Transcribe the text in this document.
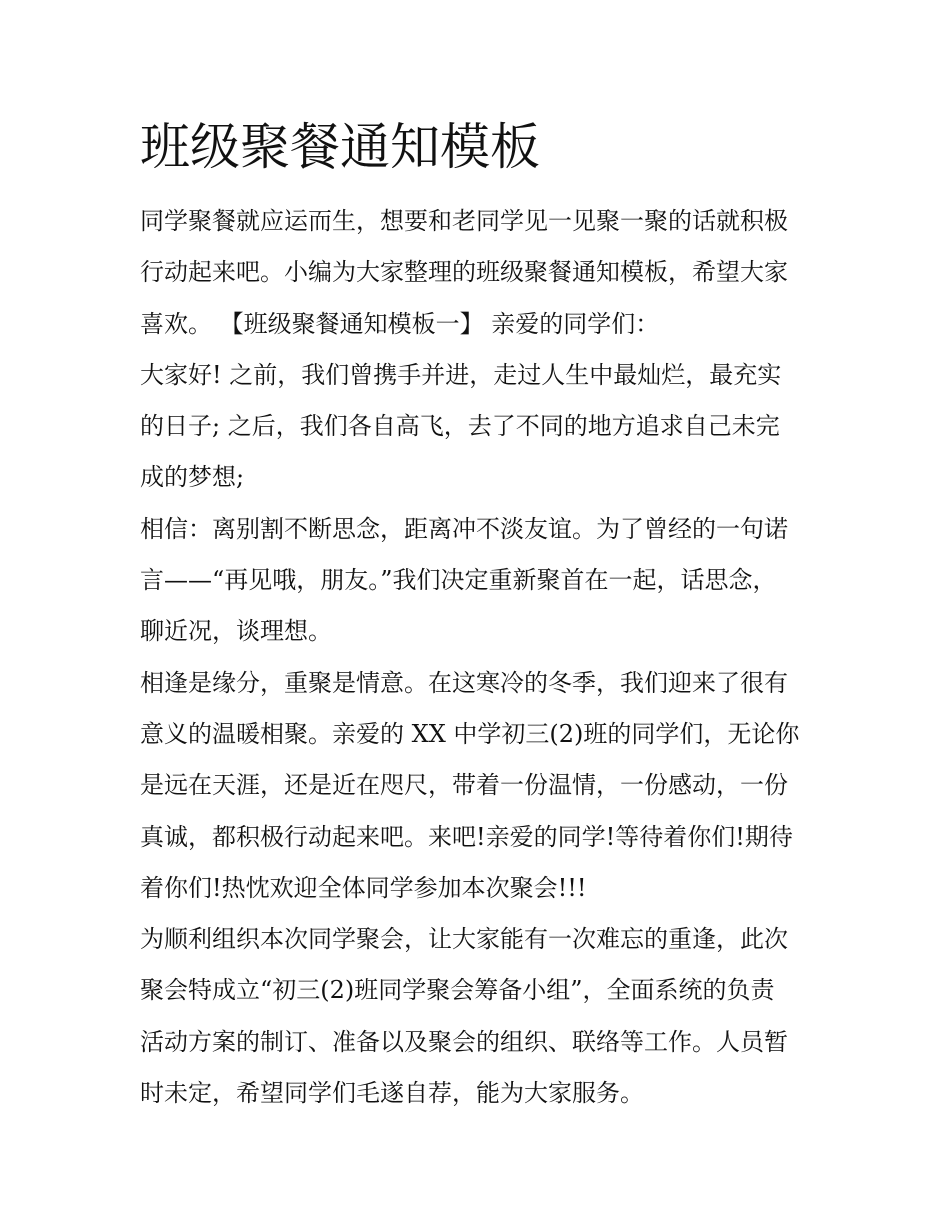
班级聚餐通知模板
同学聚餐就应运而生，想要和老同学见一见聚一聚的话就积极
行动起来吧。小编为大家整理的班级聚餐通知模板，希望大家
喜欢。 【班级聚餐通知模板一】 亲爱的同学们：
大家好! 之前，我们曾携手并进，走过人生中最灿烂，最充实
的日子; 之后，我们各自高飞，去了不同的地方追求自己未完
成的梦想;
相信：离别割不断思念，距离冲不淡友谊。为了曾经的一句诺
言——“再见哦，朋友。”我们决定重新聚首在一起，话思念，
聊近况，谈理想。
相逢是缘分，重聚是情意。在这寒冷的冬季，我们迎来了很有
意义的温暖相聚。亲爱的 XX 中学初三(2)班的同学们，无论你
是远在天涯，还是近在咫尺，带着一份温情，一份感动，一份
真诚，都积极行动起来吧。来吧!亲爱的同学!等待着你们!期待
着你们!热忱欢迎全体同学参加本次聚会!!!
为顺利组织本次同学聚会，让大家能有一次难忘的重逢，此次
聚会特成立“初三(2)班同学聚会筹备小组”，全面系统的负责
活动方案的制订、准备以及聚会的组织、联络等工作。人员暂
时未定，希望同学们毛遂自荐，能为大家服务。
